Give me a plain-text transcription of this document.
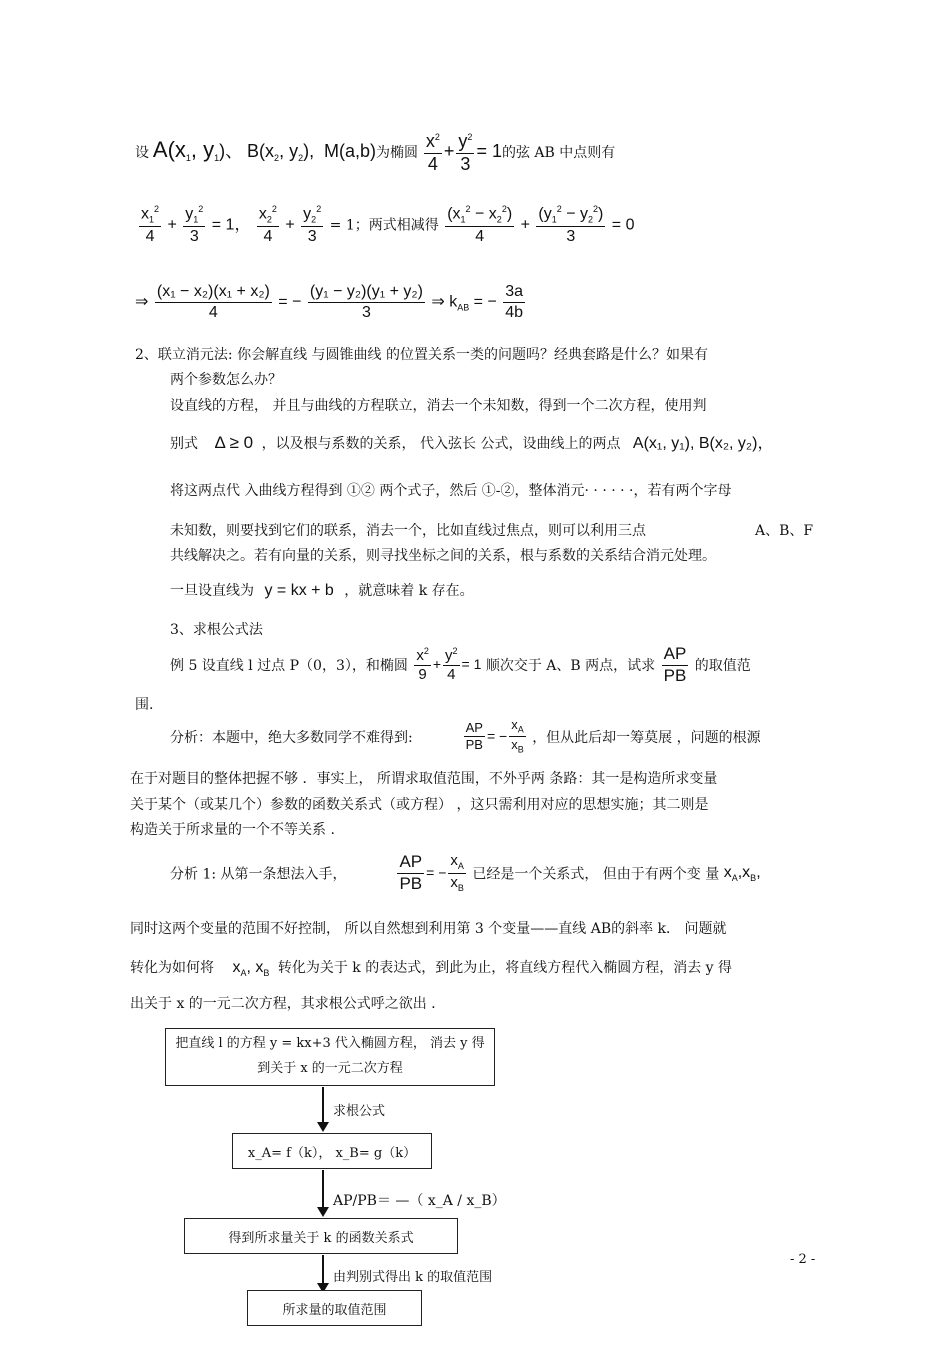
设 $A(x_1$, $y_1$)、 $B(x_2$, $y_2$), M(a,b)为椭圆 $\frac{x^2}{4} + \frac{y^2}{3} = 1$的弦 AB 中点则有
$\frac{x_1^2}{4} + \frac{y_1^2}{3} = 1$， $\frac{x_2^2}{4} + \frac{y_2^2}{3} = 1$；两式相减得 $\frac{(x_1^2 - x_2^2)}{4} + \frac{(y_1^2 - y_2^2)}{3} = 0$
⇒ $\frac{\text{(x₁ − x₂)(x₁ + x₂)}}{4}$ = − $\frac{\text{(y₁ − y₂)(y₁ + y₂)}}{3}$ ⇒ $k_{AB}$ = − $\frac{3a}{4b}$
2、联立消元法: 你会解直线 与圆锥曲线 的位置关系一类的问题吗？经典套路是什么？如果有
两个参数怎么办？
设直线的方程， 并且与曲线的方程联立，消去一个未知数，得到一个二次方程，使用判
别式 Δ ≥ 0 ，以及根与系数的关系， 代入弦长 公式，设曲线上的两点 A(x₁, y₁), B(x₂, y₂)，
将这两点代 入曲线方程得到 ①② 两个式子，然后 ①-②，整体消元· · · · · ·，若有两个字母
未知数，则要找到它们的联系，消去一个，比如直线过焦点，则可以利用三点	A、B、F
共线解决之。若有向量的关系，则寻找坐标之间的关系，根与系数的关系结合消元处理。
一旦设直线为 y = kx + b ，就意味着 k 存在。
3、求根公式法
例 5 设直线 l 过点 P（0，3），和椭圆 $\frac{x^2}{9} + \frac{y^2}{4} = 1$ 顺次交于 A、B 两点，试求 $\frac{AP}{PB}$ 的取值范
围.
分析：本题中，绝大多数同学不难得到:	$\frac{AP}{PB}$ = − $\frac{x_A}{x_B}$ ，但从此后却一筹莫展 ，问题的根源
在于对题目的整体把握不够 ．事实上， 所谓求取值范围，不外乎两 条路：其一是构造所求变量
关于某个（或某几个）参数的函数关系式（或方程） ，这只需利用对应的思想实施；其二则是
构造关于所求量的一个不等关系 .
分析 1: 从第一条想法入手，	$\frac{AP}{PB}$ = − $\frac{x_A}{x_B}$ 已经是一个关系式， 但由于有两个变 量 $x_A,x_B$,
同时这两个变量的范围不好控制， 所以自然想到利用第 3 个变量——直线 AB的斜率 k． 问题就
转化为如何将 $x_A$, $x_B$ 转化为关于 k 的表达式，到此为止，将直线方程代入椭圆方程，消去 y 得
出关于 x 的一元二次方程，其求根公式呼之欲出 ．
把直线 l 的方程 y = kx+3 代入椭圆方程， 消去 y 得
到关于 x 的一元二次方程
求根公式
x_A= f（k）， x_B= g（k）
AP/PB＝ —（ x_A / x_B）
得到所求量关于 k 的函数关系式
由判别式得出 k 的取值范围
所求量的取值范围
- 2 -
